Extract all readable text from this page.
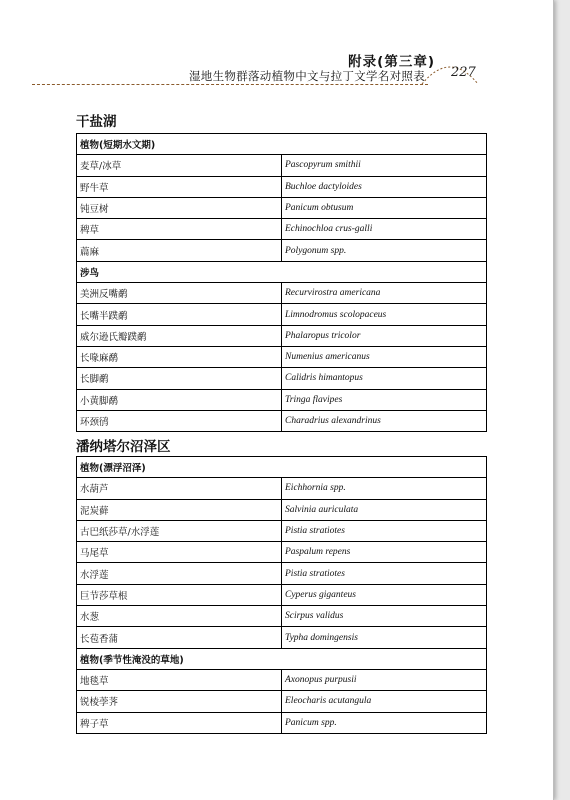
附录(第三章)
湿地生物群落动植物中文与拉丁文学名对照表 227
干盐湖
植物(短期水文期)	
麦草/冰草	Pascopyrum smithii
野牛草	Buchloe dactyloides
钝豆树	Panicum obtusum
稗草	Echinochloa crus-galli
萹麻	Polygonum spp.
涉鸟	
美洲反嘴鹬	Recurvirostra americana
长嘴半蹼鹬	Limnodromus scolopaceus
威尔逊氏瓣蹼鹬	Phalaropus tricolor
长喙麻鹬	Numenius americanus
长脚鹬	Calidris himantopus
小黄脚鹬	Tringa flavipes
环颈鸻	Charadrius alexandrinus
潘纳塔尔沼泽区
植物(漂浮沼泽)	
水葫芦	Eichhornia spp.
泥炭藓	Salvinia auriculata
古巴纸莎草/水浮莲	Pistia stratiotes
马尾草	Paspalum repens
水浮莲	Pistia stratiotes
巨节莎草根	Cyperus giganteus
水葱	Scirpus validus
长苞香蒲	Typha domingensis
植物(季节性淹没的草地)	
地毯草	Axonopus purpusii
锐棱荸荠	Eleocharis acutangula
稗子草	Panicum spp.
